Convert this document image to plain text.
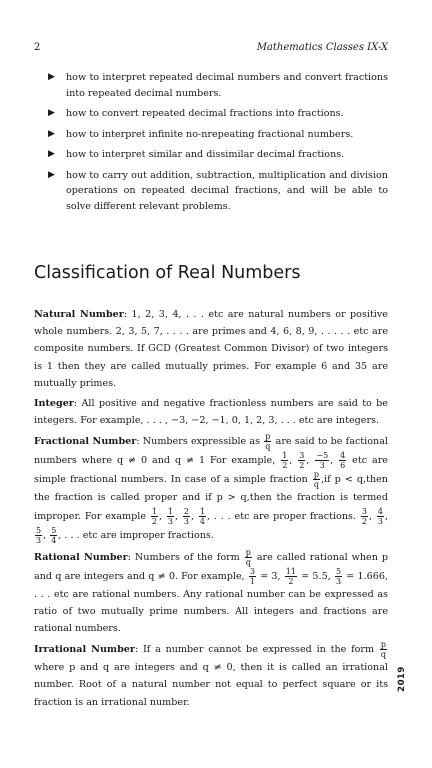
2	Mathematics Classes IX-X
▶ how to interpret repeated decimal numbers and convert fractions into repeated decimal numbers.
▶ how to convert repeated decimal fractions into fractions.
▶ how to interpret infinite no-nrepeating fractional numbers.
▶ how to interpret similar and dissimilar decimal fractions.
▶ how to carry out addition, subtraction, multiplication and division operations on repeated decimal fractions, and will be able to solve different relevant problems.
Classification of Real Numbers

Natural Number: 1, 2, 3, 4, . . . etc are natural numbers or positive whole numbers. 2, 3, 5, 7, . . . . are primes and 4, 6, 8, 9, . . . . . etc are composite numbers. If GCD (Greatest Common Divisor) of two integers is 1 then they are called mutually primes. For example 6 and 35 are mutually primes.

Integer: All positive and negative fractionless numbers are said to be integers. For example, . . . , −3, −2, −1, 0, 1, 2, 3, . . . etc are integers.

Fractional Number: Numbers expressible as $\frac{p}{q}$ are said to be factional numbers where q ≠ 0 and q ≠ 1 For example, $\frac{1}{2}$ , $\frac{3}{2}$ , $\frac{-5}{3}$ , $\frac{4}{6}$ etc are simple fractional numbers. In case of a simple fraction $\frac{p}{q} ,if$ p < q,then the fraction is called proper and if p > q,then the fraction is termed improper. For example $\frac{1}{2}$ , $\frac{1}{3}$ , $\frac{2}{3}$ , $\frac{1}{4}$ , . . . etc are proper fractions. $\frac{3}{2}$ , $\frac{4}{3}$ ,
$\frac{5}{3}$ , $\frac{5}{4}$ , . . . etc are improper fractions.

Rational Number: Numbers of the form $\frac{p}{q}$ are called rational when p and q are integers and q ≠ 0. For example, $\frac{3}{1} = 3$, $\frac{11}{2} = 5.5$, $\frac{5}{3} = 1.666$, . . . etc are rational numbers. Any rational number can be expressed as ratio of two mutually prime numbers. All integers and fractions are rational numbers.

Irrational Number: If a number cannot be expressed in the form $\frac{p}{q}$
where p and q are integers and q ≠ 0, then it is called an irrational number. Root of a natural number not equal to perfect square or its fraction is an irrational number.

2019
